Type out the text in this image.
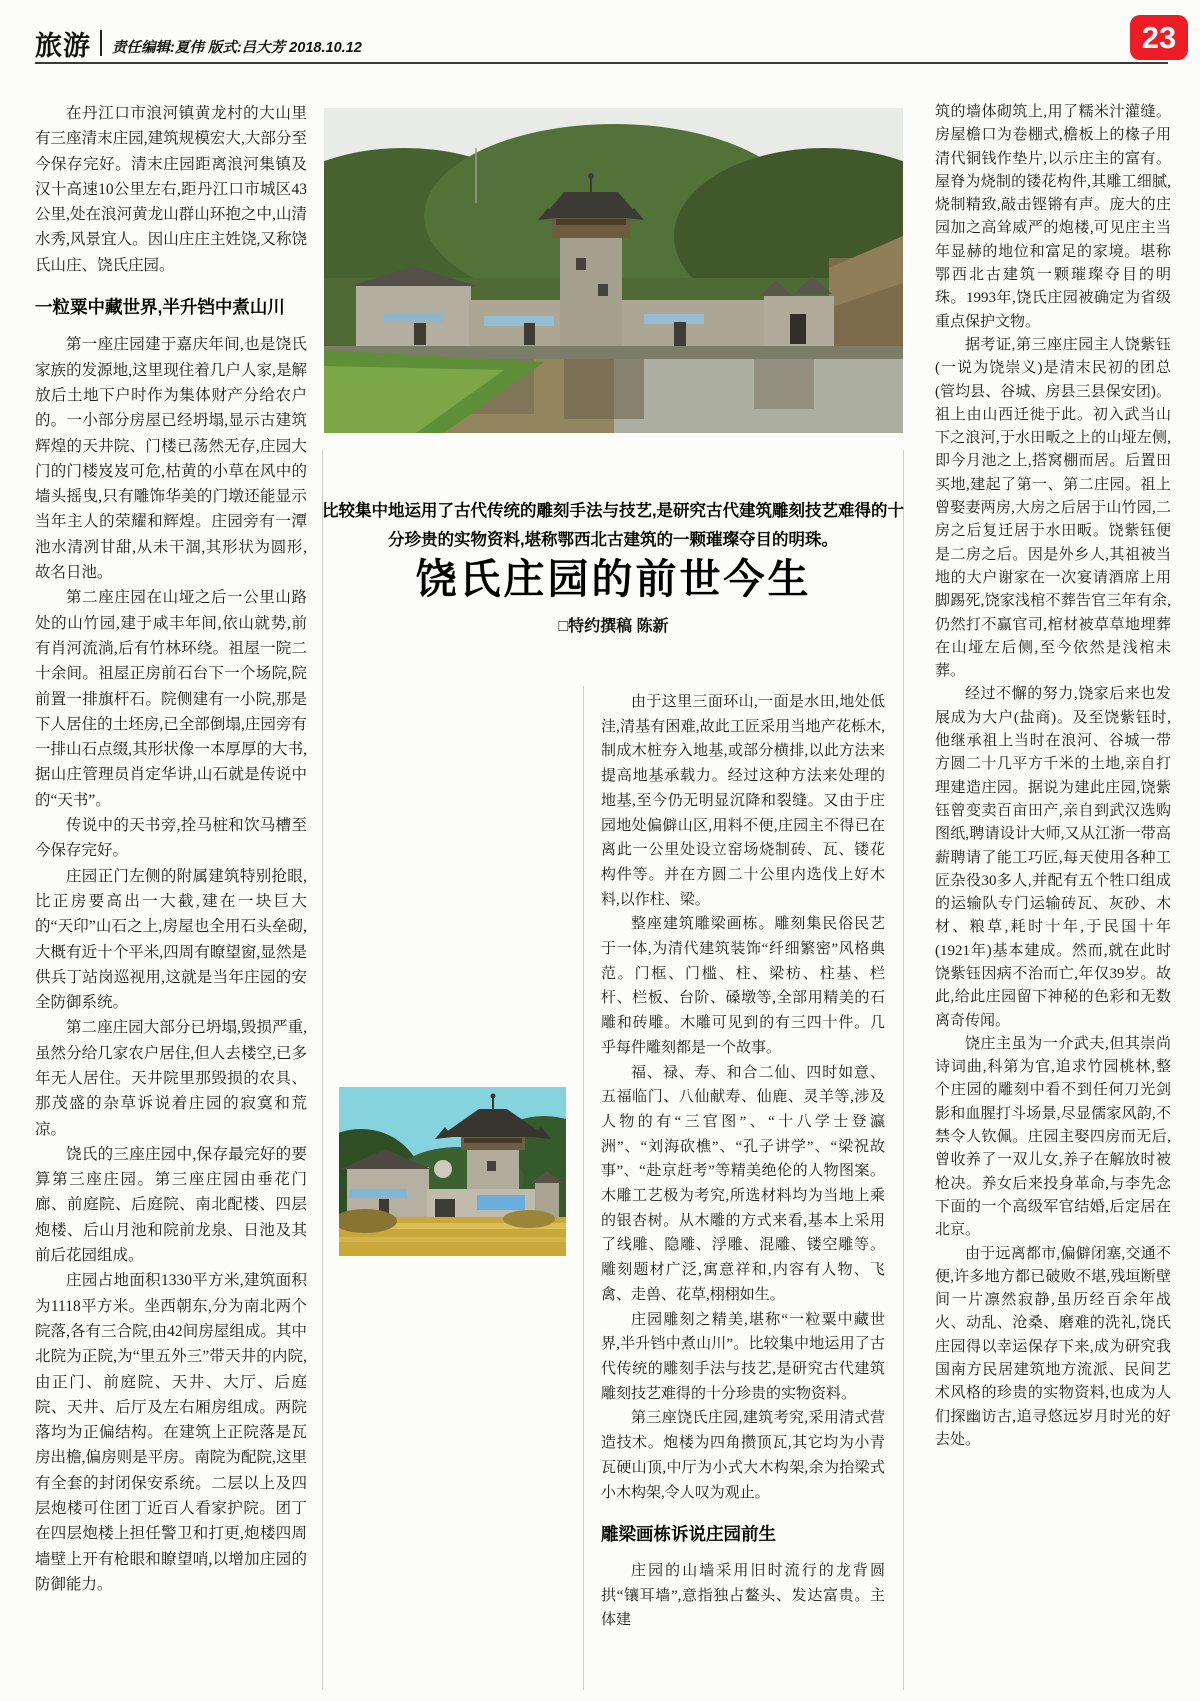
旅游 责任编辑:夏伟 版式:吕大芳 2018.10.12	23

在丹江口市浪河镇黄龙村的大山里有三座清末庄园,建筑规模宏大,大部分至今保存完好。清末庄园距离浪河集镇及汉十高速10公里左右,距丹江口市城区43公里,处在浪河黄龙山群山环抱之中,山清水秀,风景宜人。因山庄庄主姓饶,又称饶氏山庄、饶氏庄园。

一粒粟中藏世界,半升铛中煮山川

第一座庄园建于嘉庆年间,也是饶氏家族的发源地,这里现住着几户人家,是解放后土地下户时作为集体财产分给农户的。一小部分房屋已经坍塌,显示古建筑辉煌的天井院、门楼已荡然无存,庄园大门的门楼岌岌可危,枯黄的小草在风中的墙头摇曳,只有雕饰华美的门墩还能显示当年主人的荣耀和辉煌。庄园旁有一潭池水清冽甘甜,从未干涸,其形状为圆形,故名日池。

第二座庄园在山垭之后一公里山路处的山竹园,建于咸丰年间,依山就势,前有肖河流淌,后有竹林环绕。祖屋一院二十余间。祖屋正房前石台下一个场院,院前置一排旗杆石。院侧建有一小院,那是下人居住的土坯房,已全部倒塌,庄园旁有一排山石点缀,其形状像一本厚厚的大书,据山庄管理员肖定华讲,山石就是传说中的“天书”。

传说中的天书旁,拴马桩和饮马槽至今保存完好。

庄园正门左侧的附属建筑特别抢眼,比正房要高出一大截,建在一块巨大的“天印”山石之上,房屋也全用石头垒砌,大概有近十个平米,四周有瞭望窗,显然是供兵丁站岗巡视用,这就是当年庄园的安全防御系统。

第二座庄园大部分已坍塌,毁损严重,虽然分给几家农户居住,但人去楼空,已多年无人居住。天井院里那毁损的农具、那茂盛的杂草诉说着庄园的寂寞和荒凉。

饶氏的三座庄园中,保存最完好的要算第三座庄园。第三座庄园由垂花门廊、前庭院、后庭院、南北配楼、四层炮楼、后山月池和院前龙泉、日池及其前后花园组成。

庄园占地面积1330平方米,建筑面积为1118平方米。坐西朝东,分为南北两个院落,各有三合院,由42间房屋组成。其中北院为正院,为“里五外三”带天井的内院,由正门、前庭院、天井、大厅、后庭院、天井、后厅及左右厢房组成。两院落均为正偏结构。在建筑上正院落是瓦房出檐,偏房则是平房。南院为配院,这里有全套的封闭保安系统。二层以上及四层炮楼可住团丁近百人看家护院。团丁在四层炮楼上担任警卫和打更,炮楼四周墙壁上开有枪眼和瞭望哨,以增加庄园的防御能力。

比较集中地运用了古代传统的雕刻手法与技艺,是研究古代建筑雕刻技艺难得的十分珍贵的实物资料,堪称鄂西北古建筑的一颗璀璨夺目的明珠。
饶氏庄园的前世今生
□特约撰稿 陈新

由于这里三面环山,一面是水田,地处低洼,清基有困难,故此工匠采用当地产花栎木,制成木桩夯入地基,或部分横排,以此方法来提高地基承载力。经过这种方法来处理的地基,至今仍无明显沉降和裂缝。又由于庄园地处偏僻山区,用料不便,庄园主不得已在离此一公里处设立窑场烧制砖、瓦、镂花构件等。并在方圆二十公里内选伐上好木料,以作柱、梁。

整座建筑雕梁画栋。雕刻集民俗民艺于一体,为清代建筑装饰“纤细繁密”风格典范。门框、门槛、柱、梁枋、柱基、栏杆、栏板、台阶、磉墩等,全部用精美的石雕和砖雕。木雕可见到的有三四十件。几乎每件雕刻都是一个故事。

福、禄、寿、和合二仙、四时如意、五福临门、八仙献寿、仙鹿、灵羊等,涉及人物的有“三官图”、“十八学士登瀛洲”、“刘海砍樵”、“孔子讲学”、“梁祝故事”、“赴京赶考”等精美绝伦的人物图案。木雕工艺极为考究,所选材料均为当地上乘的银杏树。从木雕的方式来看,基本上采用了线雕、隐雕、浮雕、混雕、镂空雕等。雕刻题材广泛,寓意祥和,内容有人物、飞禽、走兽、花草,栩栩如生。

庄园雕刻之精美,堪称“一粒粟中藏世界,半升铛中煮山川”。比较集中地运用了古代传统的雕刻手法与技艺,是研究古代建筑雕刻技艺难得的十分珍贵的实物资料。

第三座饶氏庄园,建筑考究,采用清式营造技术。炮楼为四角攒顶瓦,其它均为小青瓦硬山顶,中厅为小式大木构架,余为抬梁式小木构架,令人叹为观止。

雕梁画栋诉说庄园前生

庄园的山墙采用旧时流行的龙背圆拱“镶耳墙”,意指独占鳌头、发达富贵。主体建

筑的墙体砌筑上,用了糯米汁灌缝。房屋檐口为卷棚式,檐板上的椽子用清代铜钱作垫片,以示庄主的富有。屋脊为烧制的镂花构件,其雕工细腻,烧制精致,敲击铿锵有声。庞大的庄园加之高耸威严的炮楼,可见庄主当年显赫的地位和富足的家境。堪称鄂西北古建筑一颗璀璨夺目的明珠。1993年,饶氏庄园被确定为省级重点保护文物。

据考证,第三座庄园主人饶紫钰(一说为饶崇义)是清末民初的团总(管均县、谷城、房县三县保安团)。祖上由山西迁徙于此。初入武当山下之浪河,于水田畈之上的山垭左侧,即今月池之上,搭窝棚而居。后置田买地,建起了第一、第二庄园。祖上曾娶妻两房,大房之后居于山竹园,二房之后复迁居于水田畈。饶紫钰便是二房之后。因是外乡人,其祖被当地的大户谢家在一次宴请酒席上用脚踢死,饶家浅棺不葬告官三年有余,仍然打不赢官司,棺材被草草地埋葬在山垭左后侧,至今依然是浅棺未葬。

经过不懈的努力,饶家后来也发展成为大户(盐商)。及至饶紫钰时,他继承祖上当时在浪河、谷城一带方圆二十几平方千米的土地,亲自打理建造庄园。据说为建此庄园,饶紫钰曾变卖百亩田产,亲自到武汉选购图纸,聘请设计大师,又从江浙一带高薪聘请了能工巧匠,每天使用各种工匠杂役30多人,并配有五个牲口组成的运输队专门运输砖瓦、灰砂、木材、粮草,耗时十年,于民国十年(1921年)基本建成。然而,就在此时饶紫钰因病不治而亡,年仅39岁。故此,给此庄园留下神秘的色彩和无数离奇传闻。

饶庄主虽为一介武夫,但其崇尚诗词曲,科第为官,追求竹园桃林,整个庄园的雕刻中看不到任何刀光剑影和血腥打斗场景,尽显儒家风韵,不禁令人钦佩。庄园主娶四房而无后,曾收养了一双儿女,养子在解放时被枪决。养女后来投身革命,与李先念下面的一个高级军官结婚,后定居在北京。

由于远离都市,偏僻闭塞,交通不便,许多地方都已破败不堪,残垣断壁间一片凛然寂静,虽历经百余年战火、动乱、沧桑、磨难的洗礼,饶氏庄园得以幸运保存下来,成为研究我国南方民居建筑地方流派、民间艺术风格的珍贵的实物资料,也成为人们探幽访古,追寻悠远岁月时光的好去处。
